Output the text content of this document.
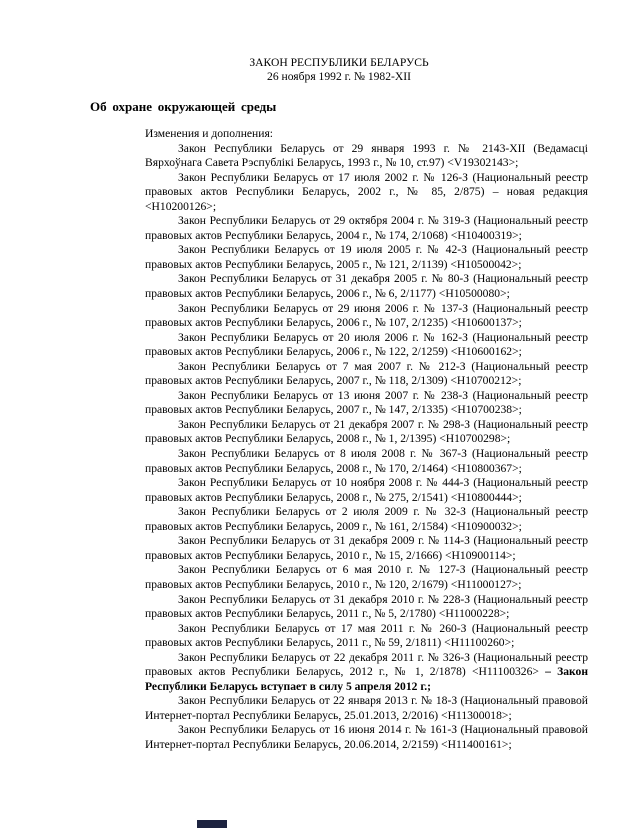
ЗАКОН РЕСПУБЛИКИ БЕЛАРУСЬ
26 ноября 1992 г. № 1982-XII
Об охране окружающей среды
Изменения и дополнения:

Закон Республики Беларусь от 29 января 1993 г. № 2143-XII (Ведамасці Вярхоўнага Савета Рэспублікі Беларусь, 1993 г., № 10, ст.97) <V19302143>;

Закон Республики Беларусь от 17 июля 2002 г. № 126-З (Национальный реестр правовых актов Республики Беларусь, 2002 г., № 85, 2/875) – новая редакция <H10200126>;

Закон Республики Беларусь от 29 октября 2004 г. № 319-З (Национальный реестр правовых актов Республики Беларусь, 2004 г., № 174, 2/1068) <H10400319>;

Закон Республики Беларусь от 19 июля 2005 г. № 42-З (Национальный реестр правовых актов Республики Беларусь, 2005 г., № 121, 2/1139) <H10500042>;

Закон Республики Беларусь от 31 декабря 2005 г. № 80-З (Национальный реестр правовых актов Республики Беларусь, 2006 г., № 6, 2/1177) <H10500080>;

Закон Республики Беларусь от 29 июня 2006 г. № 137-З (Национальный реестр правовых актов Республики Беларусь, 2006 г., № 107, 2/1235) <H10600137>;

Закон Республики Беларусь от 20 июля 2006 г. № 162-З (Национальный реестр правовых актов Республики Беларусь, 2006 г., № 122, 2/1259) <H10600162>;

Закон Республики Беларусь от 7 мая 2007 г. № 212-З (Национальный реестр правовых актов Республики Беларусь, 2007 г., № 118, 2/1309) <H10700212>;

Закон Республики Беларусь от 13 июня 2007 г. № 238-З (Национальный реестр правовых актов Республики Беларусь, 2007 г., № 147, 2/1335) <H10700238>;

Закон Республики Беларусь от 21 декабря 2007 г. № 298-З (Национальный реестр правовых актов Республики Беларусь, 2008 г., № 1, 2/1395) <H10700298>;

Закон Республики Беларусь от 8 июля 2008 г. № 367-З (Национальный реестр правовых актов Республики Беларусь, 2008 г., № 170, 2/1464) <H10800367>;

Закон Республики Беларусь от 10 ноября 2008 г. № 444-З (Национальный реестр правовых актов Республики Беларусь, 2008 г., № 275, 2/1541) <H10800444>;

Закон Республики Беларусь от 2 июля 2009 г. № 32-З (Национальный реестр правовых актов Республики Беларусь, 2009 г., № 161, 2/1584) <H10900032>;

Закон Республики Беларусь от 31 декабря 2009 г. № 114-З (Национальный реестр правовых актов Республики Беларусь, 2010 г., № 15, 2/1666) <H10900114>;

Закон Республики Беларусь от 6 мая 2010 г. № 127-З (Национальный реестр правовых актов Республики Беларусь, 2010 г., № 120, 2/1679) <H11000127>;

Закон Республики Беларусь от 31 декабря 2010 г. № 228-З (Национальный реестр правовых актов Республики Беларусь, 2011 г., № 5, 2/1780) <H11000228>;

Закон Республики Беларусь от 17 мая 2011 г. № 260-З (Национальный реестр правовых актов Республики Беларусь, 2011 г., № 59, 2/1811) <H11100260>;

Закон Республики Беларусь от 22 декабря 2011 г. № 326-З (Национальный реестр правовых актов Республики Беларусь, 2012 г., № 1, 2/1878) <H11100326> – Закон Республики Беларусь вступает в силу 5 апреля 2012 г.;

Закон Республики Беларусь от 22 января 2013 г. № 18-З (Национальный правовой Интернет-портал Республики Беларусь, 25.01.2013, 2/2016) <H11300018>;

Закон Республики Беларусь от 16 июня 2014 г. № 161-З (Национальный правовой Интернет-портал Республики Беларусь, 20.06.2014, 2/2159) <H11400161>;
